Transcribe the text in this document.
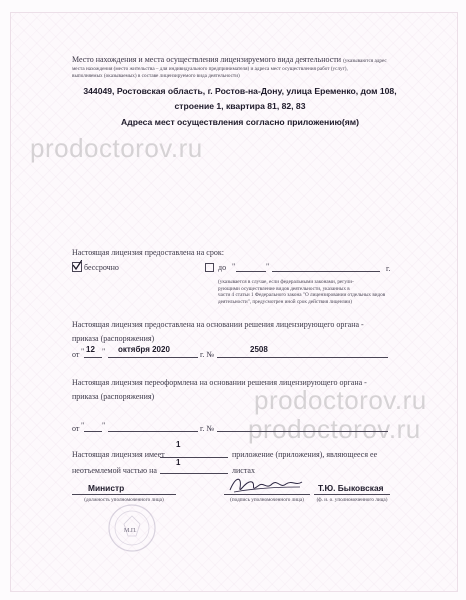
Место нахождения и места осуществления лицензируемого вида деятельности (указываются адрес
места нахождения (место жительства – для индивидуального предпринимателя) и адреса мест осуществления работ (услуг),
выполняемых (оказываемых) в составе лицензируемого вида деятельности)
344049, Ростовская область, г. Ростов-на-Дону, улица Еременко, дом 108,
строение 1, квартира 81, 82, 83
Адреса мест осуществления согласно приложению(ям)
prodoctorov.ru
prodoctorov.ru
prodoctorov.ru
Настоящая лицензия предоставлена на срок:
бессрочно	до "	"	г.
(указывается в случае, если федеральными законами, регули-
рующими осуществление видов деятельности, указанных в
части 4 статьи 1 Федерального закона "О лицензировании отдельных видов
деятельности", предусмотрен иной срок действия лицензии)
Настоящая лицензия предоставлена на основании решения лицензирующего органа -
приказа (распоряжения)
от " 12 " октября 2020
г. №
2508
Настоящая лицензия переоформлена на основании решения лицензирующего органа -
приказа (распоряжения)
от " "	г. №
Настоящая лицензия имеет
1
приложение (приложения), являющееся ее
неотъемлемой частью на
1
листах
Министр
(должность уполномоченного лица)	(подпись уполномоченного лица)
Т.Ю. Быковская
(ф. и. о. уполномоченного лица)
М.П.
